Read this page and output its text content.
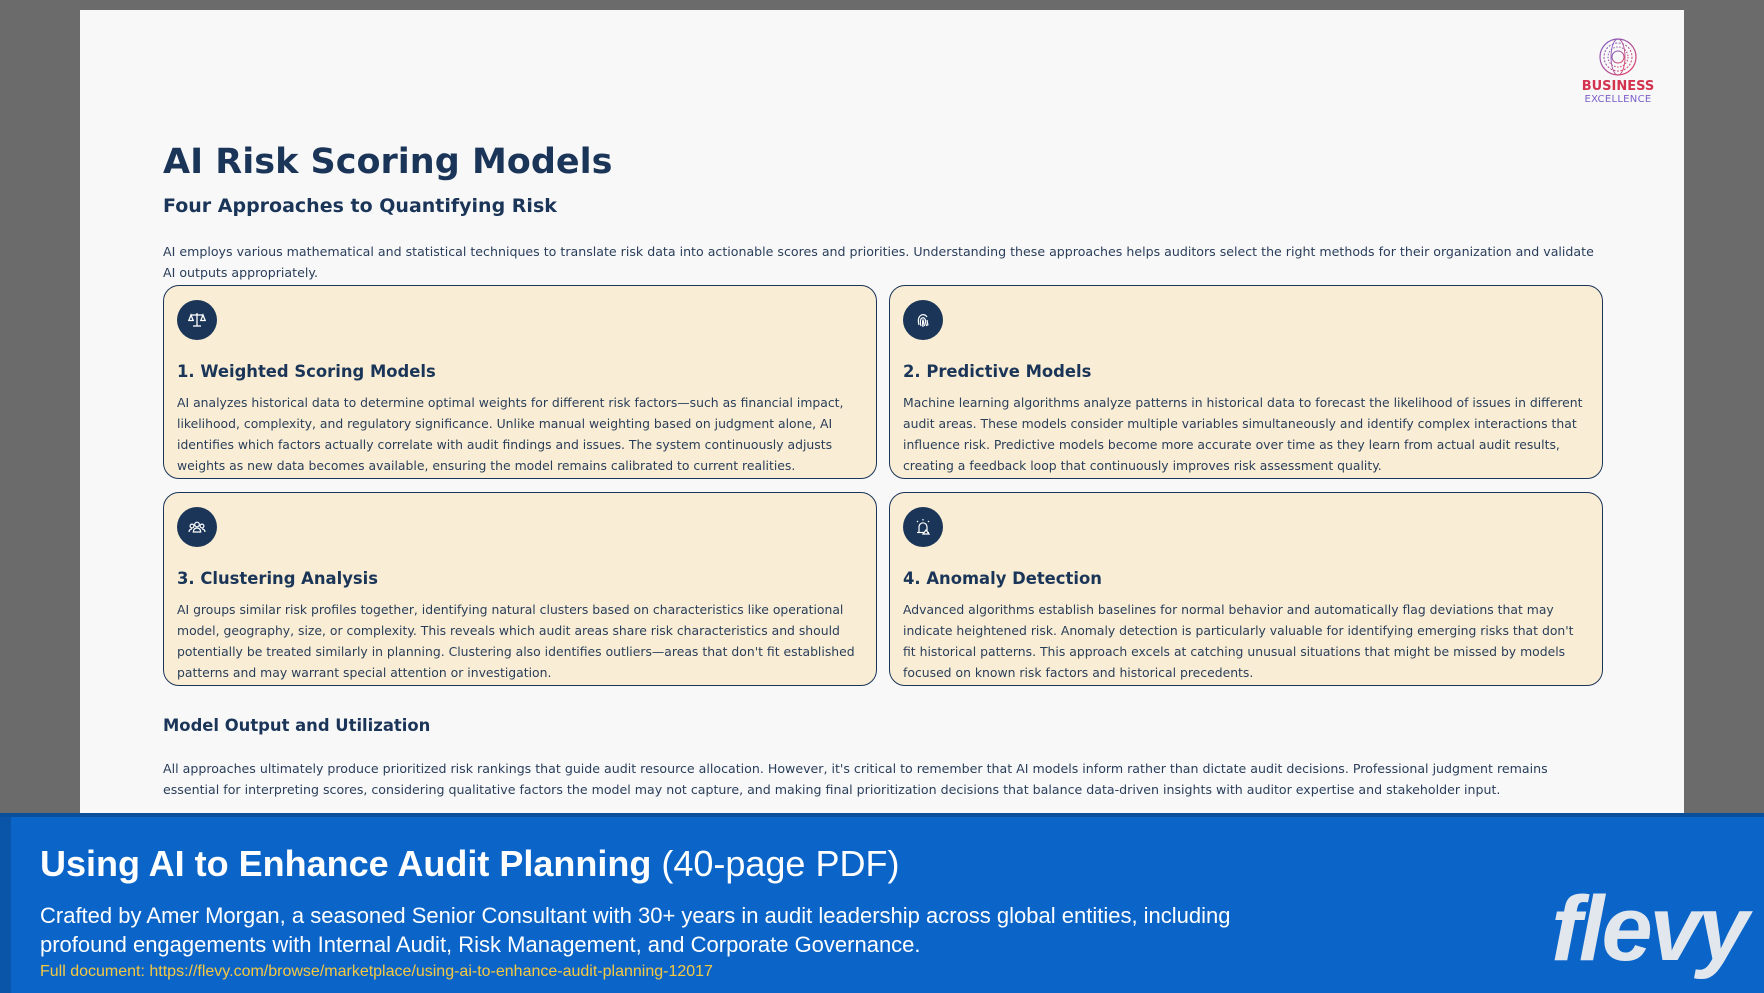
BUSINESS
EXCELLENCE
AI Risk Scoring Models
Four Approaches to Quantifying Risk
AI employs various mathematical and statistical techniques to translate risk data into actionable scores and priorities. Understanding these approaches helps auditors select the right methods for their organization and validate AI outputs appropriately.
1. Weighted Scoring Models
AI analyzes historical data to determine optimal weights for different risk factors—such as financial impact, likelihood, complexity, and regulatory significance. Unlike manual weighting based on judgment alone, AI identifies which factors actually correlate with audit findings and issues. The system continuously adjusts weights as new data becomes available, ensuring the model remains calibrated to current realities.
2. Predictive Models
Machine learning algorithms analyze patterns in historical data to forecast the likelihood of issues in different audit areas. These models consider multiple variables simultaneously and identify complex interactions that influence risk. Predictive models become more accurate over time as they learn from actual audit results, creating a feedback loop that continuously improves risk assessment quality.
3. Clustering Analysis
AI groups similar risk profiles together, identifying natural clusters based on characteristics like operational model, geography, size, or complexity. This reveals which audit areas share risk characteristics and should potentially be treated similarly in planning. Clustering also identifies outliers—areas that don't fit established patterns and may warrant special attention or investigation.
4. Anomaly Detection
Advanced algorithms establish baselines for normal behavior and automatically flag deviations that may indicate heightened risk. Anomaly detection is particularly valuable for identifying emerging risks that don't fit historical patterns. This approach excels at catching unusual situations that might be missed by models focused on known risk factors and historical precedents.
Model Output and Utilization
All approaches ultimately produce prioritized risk rankings that guide audit resource allocation. However, it's critical to remember that AI models inform rather than dictate audit decisions. Professional judgment remains essential for interpreting scores, considering qualitative factors the model may not capture, and making final prioritization decisions that balance data-driven insights with auditor expertise and stakeholder input.
Using AI to Enhance Audit Planning (40-page PDF)
Crafted by Amer Morgan, a seasoned Senior Consultant with 30+ years in audit leadership across global entities, including profound engagements with Internal Audit, Risk Management, and Corporate Governance.
Full document: https://flevy.com/browse/marketplace/using-ai-to-enhance-audit-planning-12017	flevy
